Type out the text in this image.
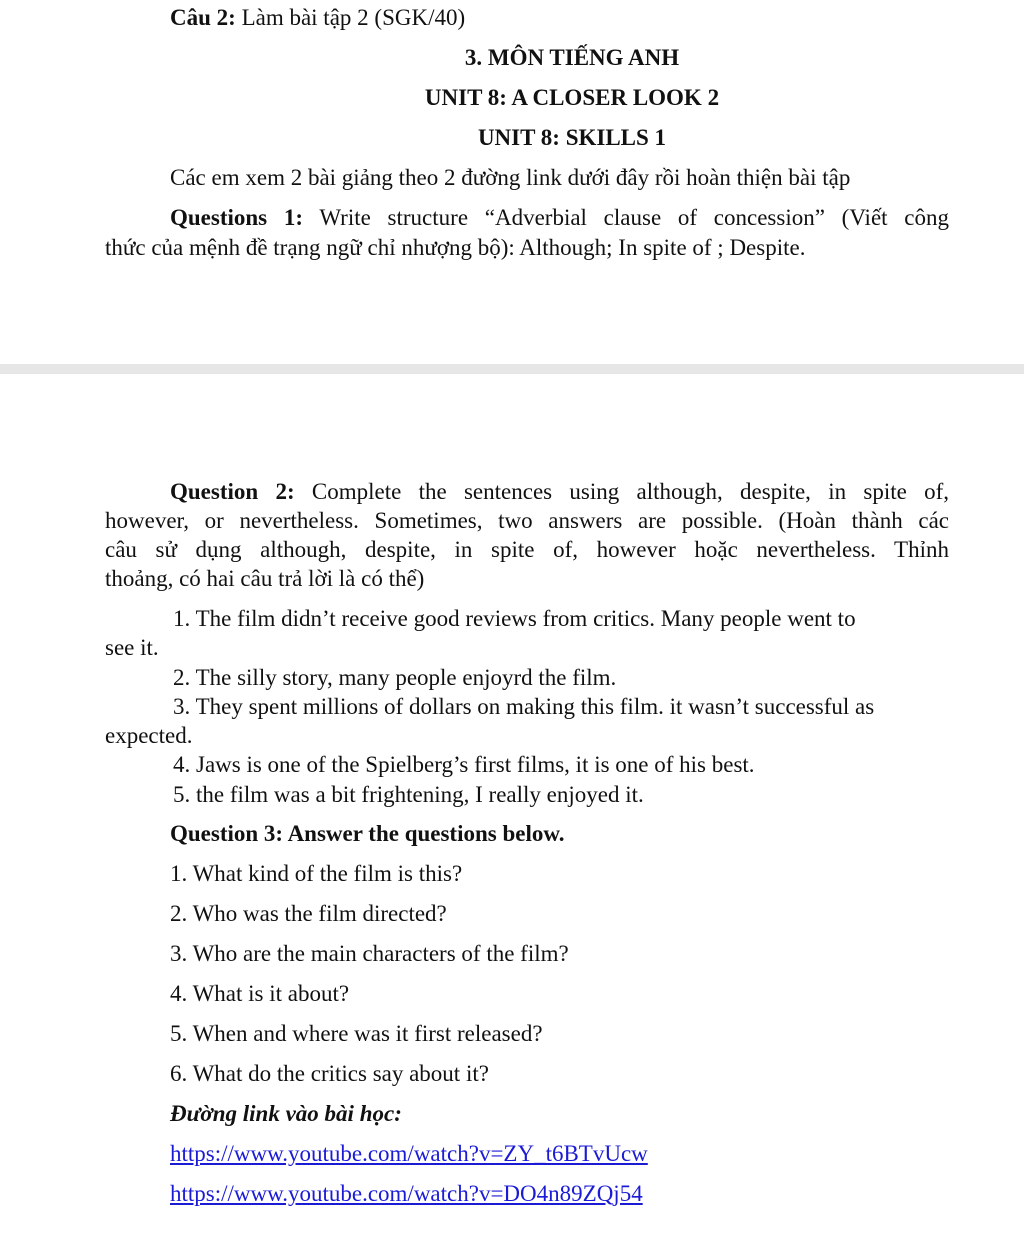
Câu 2: Làm bài tập 2 (SGK/40)
3. MÔN TIẾNG ANH
UNIT 8: A CLOSER LOOK 2
UNIT 8: SKILLS 1
Các em xem 2 bài giảng theo 2 đường link dưới đây rồi hoàn thiện bài tập
Questions 1: Write structure “Adverbial clause of concession” (Viết công
thức của mệnh đề trạng ngữ chỉ nhượng bộ): Although; In spite of ; Despite.
Question 2: Complete the sentences using although, despite, in spite of,
however, or nevertheless. Sometimes, two answers are possible. (Hoàn thành các
câu sử dụng although, despite, in spite of, however hoặc nevertheless. Thỉnh
thoảng, có hai câu trả lời là có thể)
1. The film didn’t receive good reviews from critics. Many people went to
see it.
2. The silly story, many people enjoyrd the film.
3. They spent millions of dollars on making this film. it wasn’t successful as
expected.
4. Jaws is one of the Spielberg’s first films, it is one of his best.
5. the film was a bit frightening, I really enjoyed it.
Question 3: Answer the questions below.
1. What kind of the film is this?
2. Who was the film directed?
3. Who are the main characters of the film?
4. What is it about?
5. When and where was it first released?
6. What do the critics say about it?
Đường link vào bài học:
https://www.youtube.com/watch?v=ZY_t6BTvUcw
https://www.youtube.com/watch?v=DO4n89ZQj54
